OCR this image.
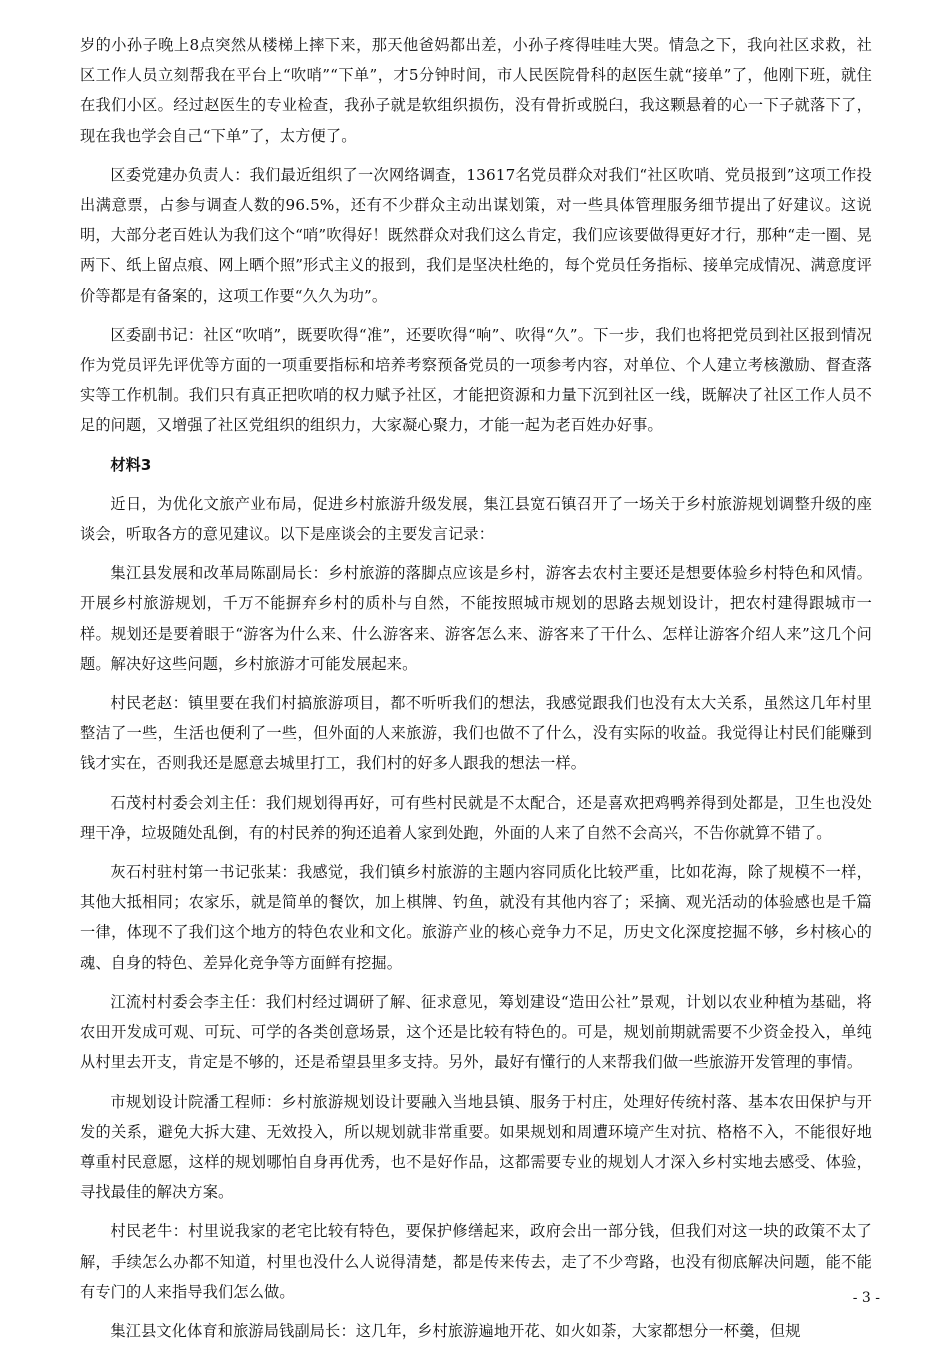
岁的小孙子晚上8点突然从楼梯上摔下来，那天他爸妈都出差，小孙子疼得哇哇大哭。情急之下，我向社区求救，社区工作人员立刻帮我在平台上“吹哨”“下单”，才5分钟时间，市人民医院骨科的赵医生就“接单”了，他刚下班，就住在我们小区。经过赵医生的专业检查，我孙子就是软组织损伤，没有骨折或脱臼，我这颗悬着的心一下子就落下了，现在我也学会自己“下单”了，太方便了。

区委党建办负责人：我们最近组织了一次网络调查，13617名党员群众对我们“社区吹哨、党员报到”这项工作投出满意票，占参与调查人数的96.5%，还有不少群众主动出谋划策，对一些具体管理服务细节提出了好建议。这说明，大部分老百姓认为我们这个“哨”吹得好！既然群众对我们这么肯定，我们应该要做得更好才行，那种“走一圈、晃两下、纸上留点痕、网上晒个照”形式主义的报到，我们是坚决杜绝的，每个党员任务指标、接单完成情况、满意度评价等都是有备案的，这项工作要“久久为功”。

区委副书记：社区“吹哨”，既要吹得“准”，还要吹得“响”、吹得“久”。下一步，我们也将把党员到社区报到情况作为党员评先评优等方面的一项重要指标和培养考察预备党员的一项参考内容，对单位、个人建立考核激励、督查落实等工作机制。我们只有真正把吹哨的权力赋予社区，才能把资源和力量下沉到社区一线，既解决了社区工作人员不足的问题，又增强了社区党组织的组织力，大家凝心聚力，才能一起为老百姓办好事。

材料3

近日，为优化文旅产业布局，促进乡村旅游升级发展，集江县宽石镇召开了一场关于乡村旅游规划调整升级的座谈会，听取各方的意见建议。以下是座谈会的主要发言记录：

集江县发展和改革局陈副局长：乡村旅游的落脚点应该是乡村，游客去农村主要还是想要体验乡村特色和风情。开展乡村旅游规划，千万不能摒弃乡村的质朴与自然，不能按照城市规划的思路去规划设计，把农村建得跟城市一样。规划还是要着眼于“游客为什么来、什么游客来、游客怎么来、游客来了干什么、怎样让游客介绍人来”这几个问题。解决好这些问题，乡村旅游才可能发展起来。

村民老赵：镇里要在我们村搞旅游项目，都不听听我们的想法，我感觉跟我们也没有太大关系，虽然这几年村里整洁了一些，生活也便利了一些，但外面的人来旅游，我们也做不了什么，没有实际的收益。我觉得让村民们能赚到钱才实在，否则我还是愿意去城里打工，我们村的好多人跟我的想法一样。

石茂村村委会刘主任：我们规划得再好，可有些村民就是不太配合，还是喜欢把鸡鸭养得到处都是，卫生也没处理干净，垃圾随处乱倒，有的村民养的狗还追着人家到处跑，外面的人来了自然不会高兴，不告你就算不错了。

灰石村驻村第一书记张某：我感觉，我们镇乡村旅游的主题内容同质化比较严重，比如花海，除了规模不一样，其他大抵相同；农家乐，就是简单的餐饮，加上棋牌、钓鱼，就没有其他内容了；采摘、观光活动的体验感也是千篇一律，体现不了我们这个地方的特色农业和文化。旅游产业的核心竞争力不足，历史文化深度挖掘不够，乡村核心的魂、自身的特色、差异化竞争等方面鲜有挖掘。

江流村村委会李主任：我们村经过调研了解、征求意见，筹划建设“造田公社”景观，计划以农业种植为基础，将农田开发成可观、可玩、可学的各类创意场景，这个还是比较有特色的。可是，规划前期就需要不少资金投入，单纯从村里去开支，肯定是不够的，还是希望县里多支持。另外，最好有懂行的人来帮我们做一些旅游开发管理的事情。

市规划设计院潘工程师：乡村旅游规划设计要融入当地县镇、服务于村庄，处理好传统村落、基本农田保护与开发的关系，避免大拆大建、无效投入，所以规划就非常重要。如果规划和周遭环境产生对抗、格格不入，不能很好地尊重村民意愿，这样的规划哪怕自身再优秀，也不是好作品，这都需要专业的规划人才深入乡村实地去感受、体验，寻找最佳的解决方案。

村民老牛：村里说我家的老宅比较有特色，要保护修缮起来，政府会出一部分钱，但我们对这一块的政策不太了解，手续怎么办都不知道，村里也没什么人说得清楚，都是传来传去，走了不少弯路，也没有彻底解决问题，能不能有专门的人来指导我们怎么做。

集江县文化体育和旅游局钱副局长：这几年，乡村旅游遍地开花、如火如荼，大家都想分一杯羹，但规

- 3 -
